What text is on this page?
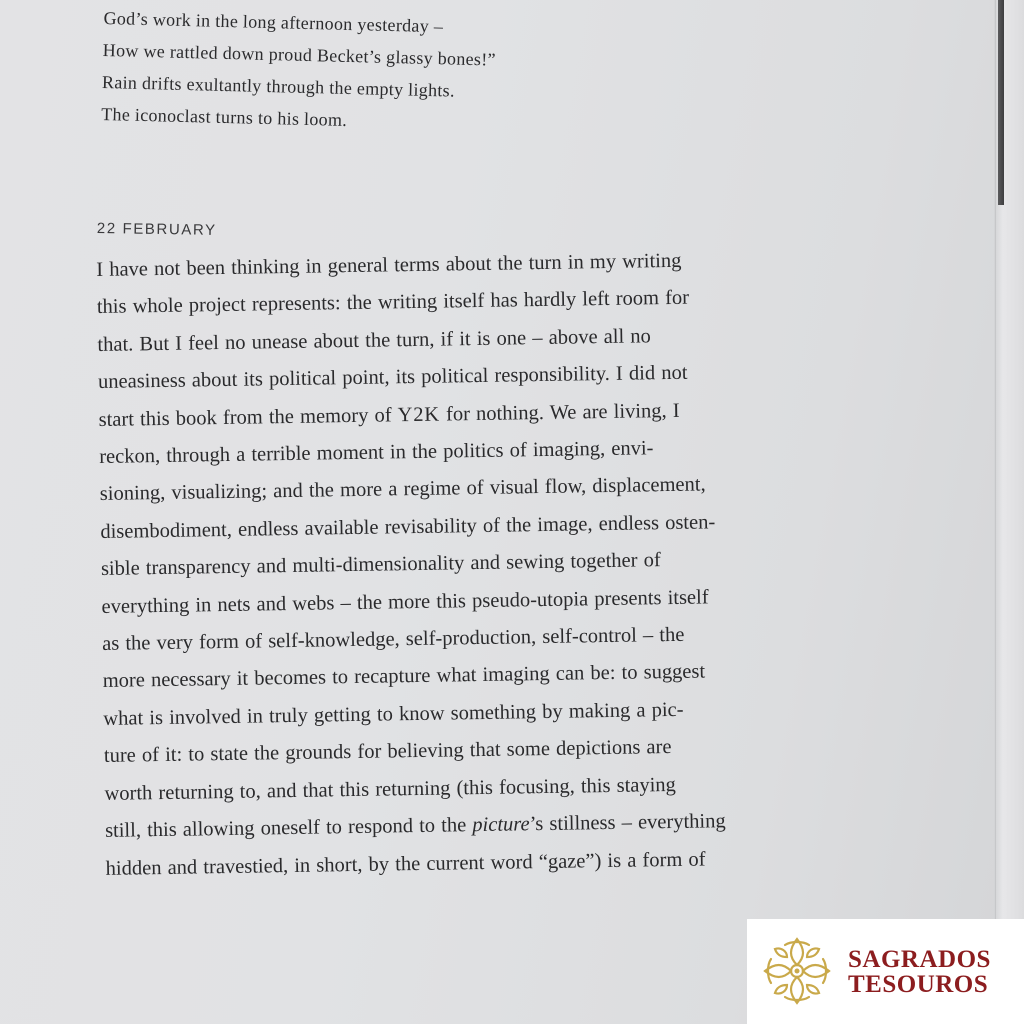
God’s work in the long afternoon yesterday –
How we rattled down proud Becket’s glassy bones!”
Rain drifts exultantly through the empty lights.
The iconoclast turns to his loom.
22 FEBRUARY
I have not been thinking in general terms about the turn in my writing
this whole project represents: the writing itself has hardly left room for
that. But I feel no unease about the turn, if it is one – above all no
uneasiness about its political point, its political responsibility. I did not
start this book from the memory of Y2K for nothing. We are living, I
reckon, through a terrible moment in the politics of imaging, envi-
sioning, visualizing; and the more a regime of visual flow, displacement,
disembodiment, endless available revisability of the image, endless osten-
sible transparency and multi-dimensionality and sewing together of
everything in nets and webs – the more this pseudo-utopia presents itself
as the very form of self-knowledge, self-production, self-control – the
more necessary it becomes to recapture what imaging can be: to suggest
what is involved in truly getting to know something by making a pic-
ture of it: to state the grounds for believing that some depictions are
worth returning to, and that this returning (this focusing, this staying
still, this allowing oneself to respond to the picture’s stillness – everything
hidden and travestied, in short, by the current word “gaze”) is a form of
SAGRADOS
TESOUROS
